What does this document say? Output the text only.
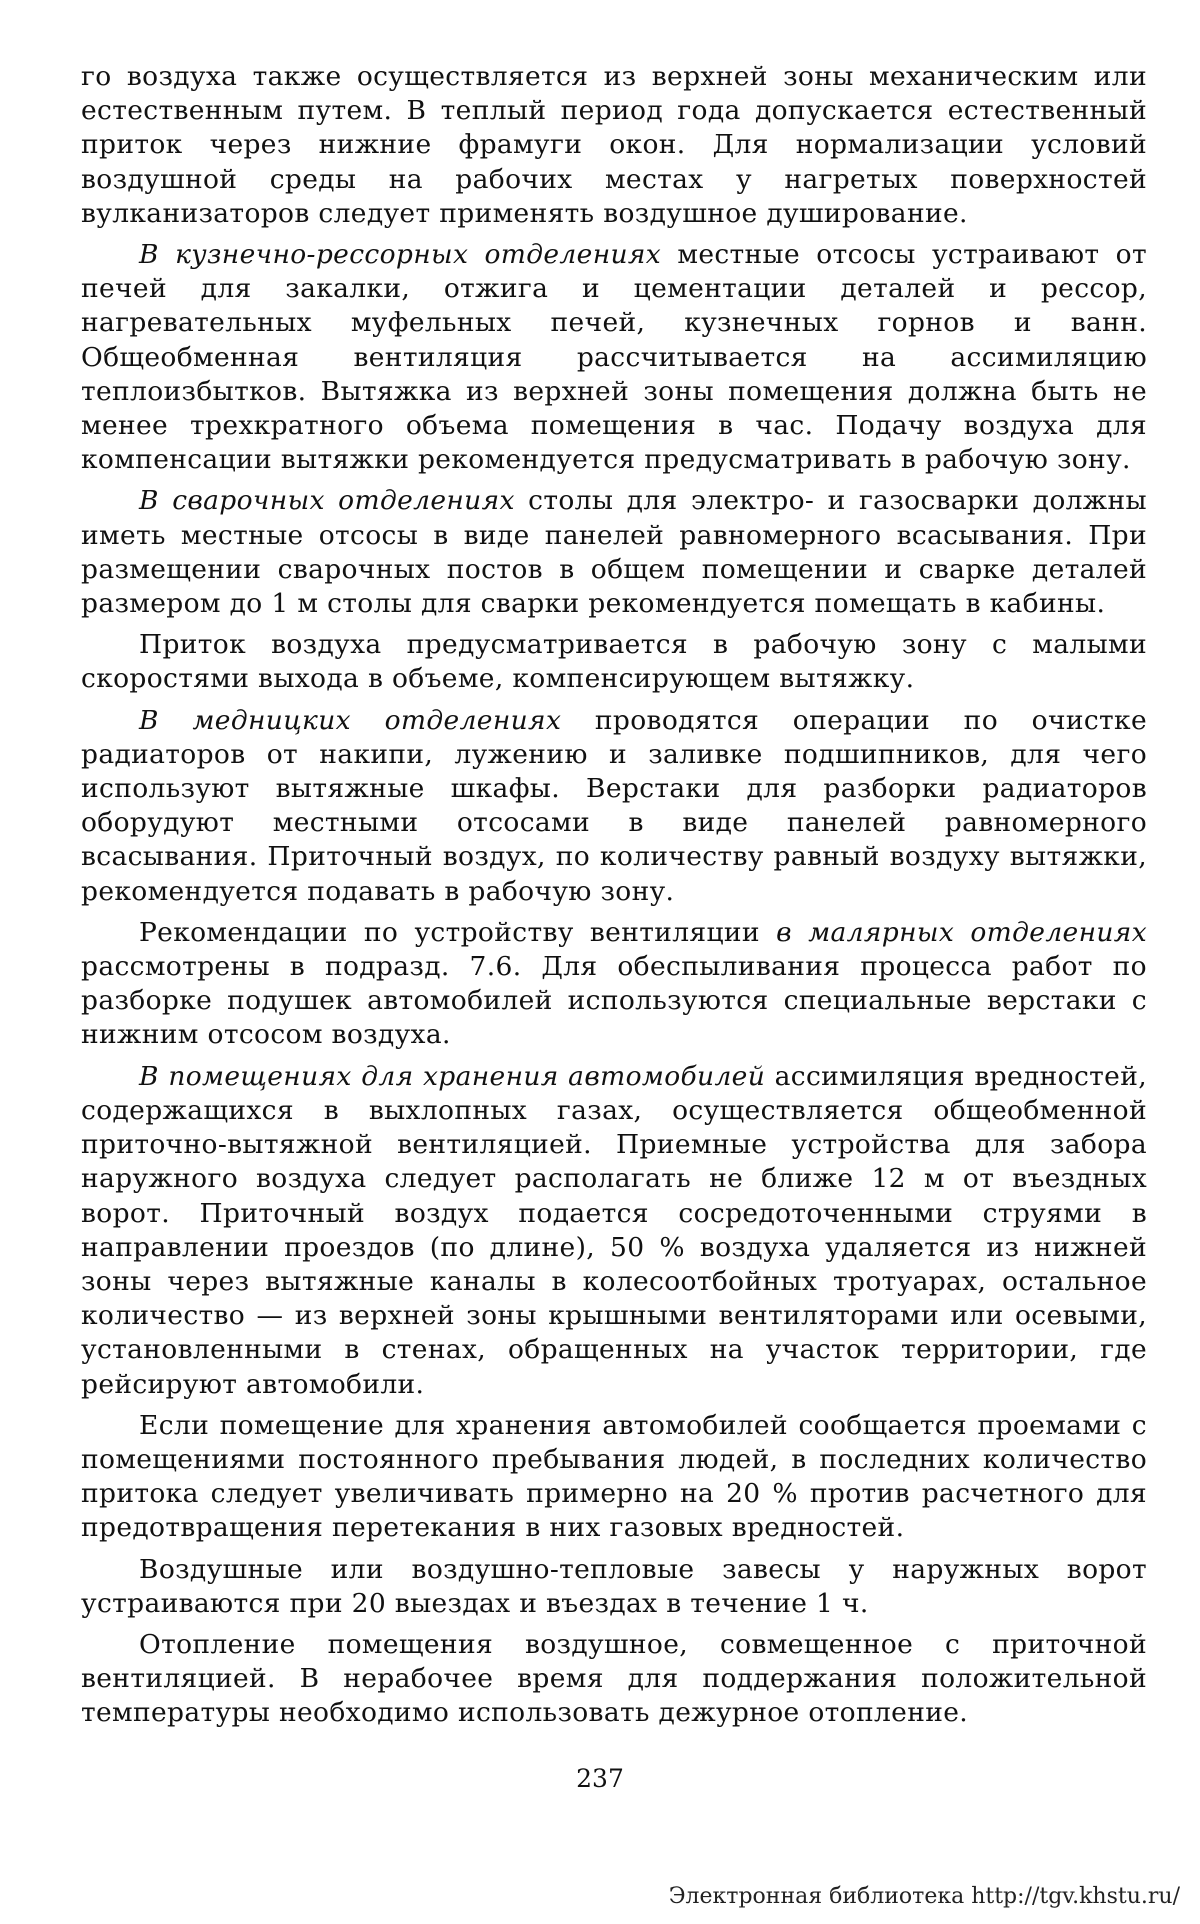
го воздуха также осуществляется из верхней зоны механическим или естественным путем. В теплый период года допускается естественный приток через нижние фрамуги окон. Для нормализации условий воздушной среды на рабочих местах у нагретых поверхностей вулканизаторов следует применять воздушное душирование.

В кузнечно-рессорных отделениях местные отсосы устраивают от печей для закалки, отжига и цементации деталей и рессор, нагревательных муфельных печей, кузнечных горнов и ванн. Общеобменная вентиляция рассчитывается на ассимиляцию теплоизбытков. Вытяжка из верхней зоны помещения должна быть не менее трехкратного объема помещения в час. Подачу воздуха для компенсации вытяжки рекомендуется предусматривать в рабочую зону.

В сварочных отделениях столы для электро- и газосварки должны иметь местные отсосы в виде панелей равномерного всасывания. При размещении сварочных постов в общем помещении и сварке деталей размером до 1 м столы для сварки рекомендуется помещать в кабины.

Приток воздуха предусматривается в рабочую зону с малыми скоростями выхода в объеме, компенсирующем вытяжку.

В медницких отделениях проводятся операции по очистке радиаторов от накипи, лужению и заливке подшипников, для чего используют вытяжные шкафы. Верстаки для разборки радиаторов оборудуют местными отсосами в виде панелей равномерного всасывания. Приточный воздух, по количеству равный воздуху вытяжки, рекомендуется подавать в рабочую зону.

Рекомендации по устройству вентиляции в малярных отделениях рассмотрены в подразд. 7.6. Для обеспыливания процесса работ по разборке подушек автомобилей используются специальные верстаки с нижним отсосом воздуха.

В помещениях для хранения автомобилей ассимиляция вредностей, содержащихся в выхлопных газах, осуществляется общеобменной приточно-вытяжной вентиляцией. Приемные устройства для забора наружного воздуха следует располагать не ближе 12 м от въездных ворот. Приточный воздух подается сосредоточенными струями в направлении проездов (по длине), 50 % воздуха удаляется из нижней зоны через вытяжные каналы в колесоотбойных тротуарах, остальное количество — из верхней зоны крышными вентиляторами или осевыми, установленными в стенах, обращенных на участок территории, где рейсируют автомобили.

Если помещение для хранения автомобилей сообщается проемами с помещениями постоянного пребывания людей, в последних количество притока следует увеличивать примерно на 20 % против расчетного для предотвращения перетекания в них газовых вредностей.

Воздушные или воздушно-тепловые завесы у наружных ворот устраиваются при 20 выездах и въездах в течение 1 ч.

Отопление помещения воздушное, совмещенное с приточной вентиляцией. В нерабочее время для поддержания положительной температуры необходимо использовать дежурное отопление.

237
Электронная библиотека http://tgv.khstu.ru/
